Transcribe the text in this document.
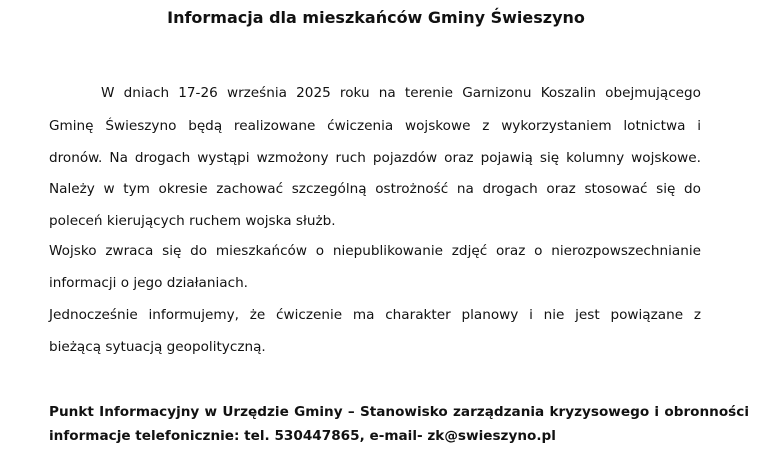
Informacja dla mieszkańców Gminy Świeszyno
W dniach 17-26 września 2025 roku na terenie Garnizonu Koszalin obejmującego
Gminę Świeszyno będą realizowane ćwiczenia wojskowe z wykorzystaniem lotnictwa i
dronów. Na drogach wystąpi wzmożony ruch pojazdów oraz pojawią się kolumny wojskowe.
Należy w tym okresie zachować szczególną ostrożność na drogach oraz stosować się do
poleceń kierujących ruchem wojska służb.
Wojsko zwraca się do mieszkańców o niepublikowanie zdjęć oraz o nierozpowszechnianie
informacji o jego działaniach.
Jednocześnie informujemy, że ćwiczenie ma charakter planowy i nie jest powiązane z
bieżącą sytuacją geopolityczną.
Punkt Informacyjny w Urzędzie Gminy – Stanowisko zarządzania kryzysowego i obronności
informacje telefonicznie: tel. 530447865, e-mail- zk@swieszyno.pl
